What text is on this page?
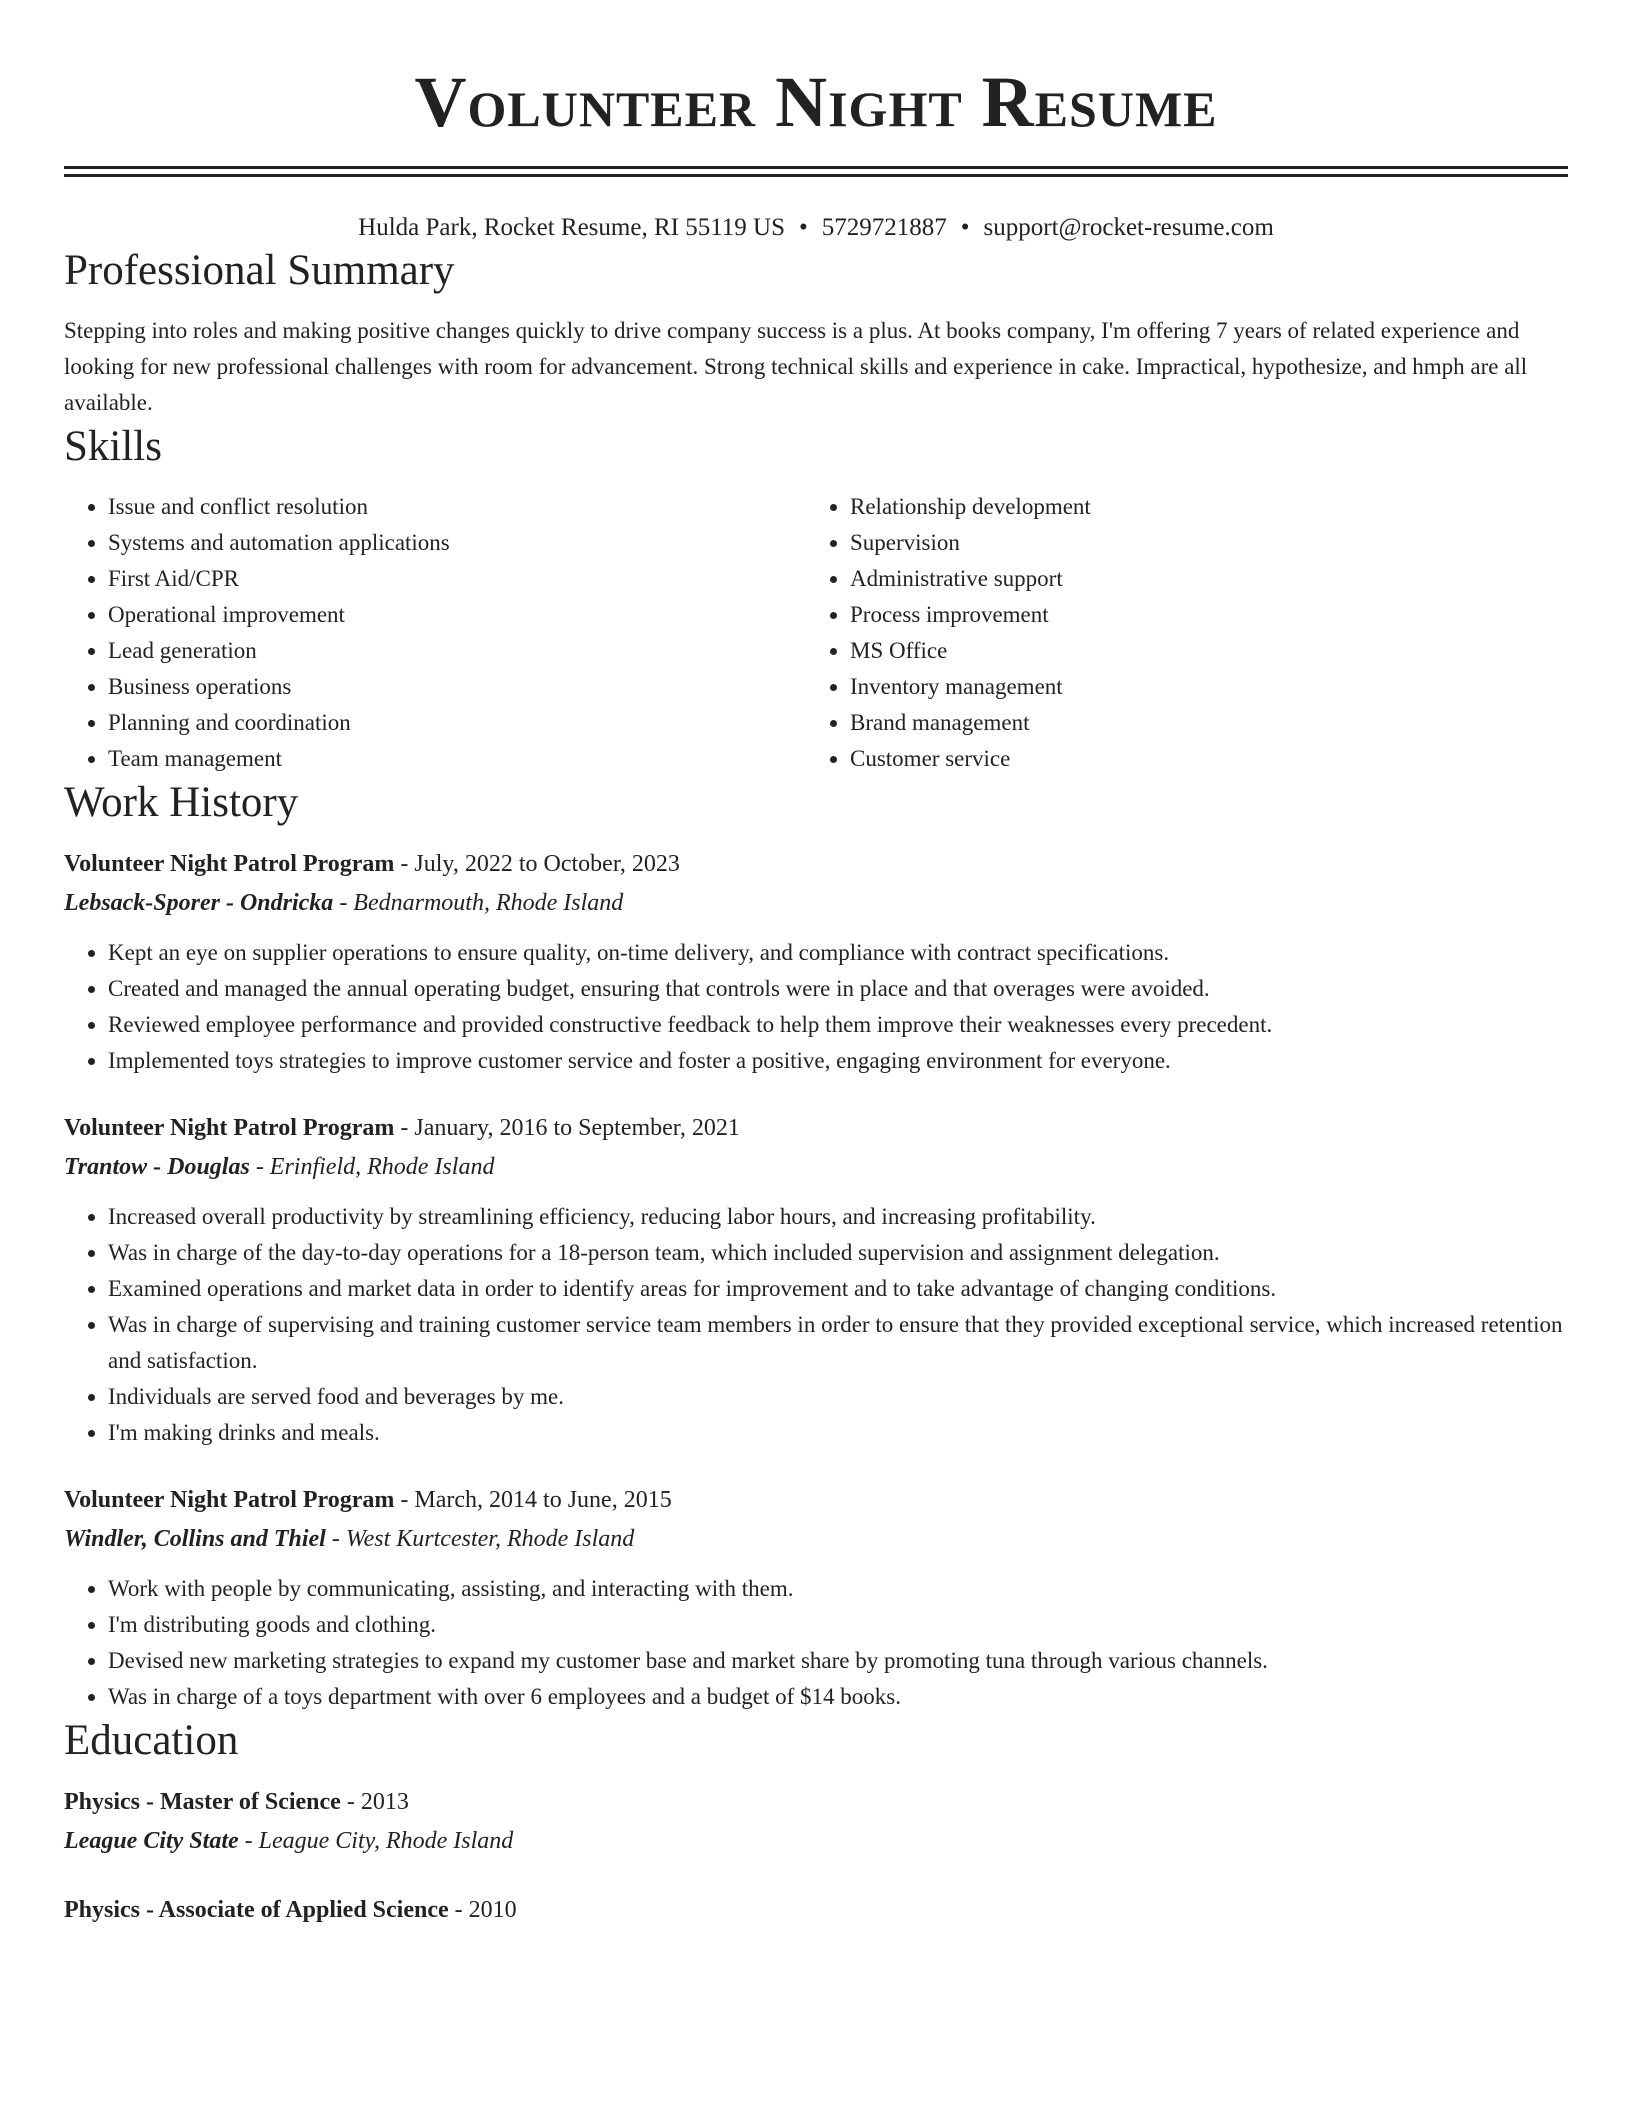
Volunteer Night Resume
Hulda Park, Rocket Resume, RI 55119 US • 5729721887 • support@rocket-resume.com
Professional Summary
Stepping into roles and making positive changes quickly to drive company success is a plus. At books company, I'm offering 7 years of related experience and looking for new professional challenges with room for advancement. Strong technical skills and experience in cake. Impractical, hypothesize, and hmph are all available.
Skills
• Issue and conflict resolution
• Systems and automation applications
• First Aid/CPR
• Operational improvement
• Lead generation
• Business operations
• Planning and coordination
• Team management
• Relationship development
• Supervision
• Administrative support
• Process improvement
• MS Office
• Inventory management
• Brand management
• Customer service
Work History
Volunteer Night Patrol Program - July, 2022 to October, 2023
Lebsack-Sporer - Ondricka - Bednarmouth, Rhode Island
• Kept an eye on supplier operations to ensure quality, on-time delivery, and compliance with contract specifications.
• Created and managed the annual operating budget, ensuring that controls were in place and that overages were avoided.
• Reviewed employee performance and provided constructive feedback to help them improve their weaknesses every precedent.
• Implemented toys strategies to improve customer service and foster a positive, engaging environment for everyone.
Volunteer Night Patrol Program - January, 2016 to September, 2021
Trantow - Douglas - Erinfield, Rhode Island
• Increased overall productivity by streamlining efficiency, reducing labor hours, and increasing profitability.
• Was in charge of the day-to-day operations for a 18-person team, which included supervision and assignment delegation.
• Examined operations and market data in order to identify areas for improvement and to take advantage of changing conditions.
• Was in charge of supervising and training customer service team members in order to ensure that they provided exceptional service, which increased retention and satisfaction.
• Individuals are served food and beverages by me.
• I'm making drinks and meals.
Volunteer Night Patrol Program - March, 2014 to June, 2015
Windler, Collins and Thiel - West Kurtcester, Rhode Island
• Work with people by communicating, assisting, and interacting with them.
• I'm distributing goods and clothing.
• Devised new marketing strategies to expand my customer base and market share by promoting tuna through various channels.
• Was in charge of a toys department with over 6 employees and a budget of $14 books.
Education
Physics - Master of Science - 2013
League City State - League City, Rhode Island
Physics - Associate of Applied Science - 2010
